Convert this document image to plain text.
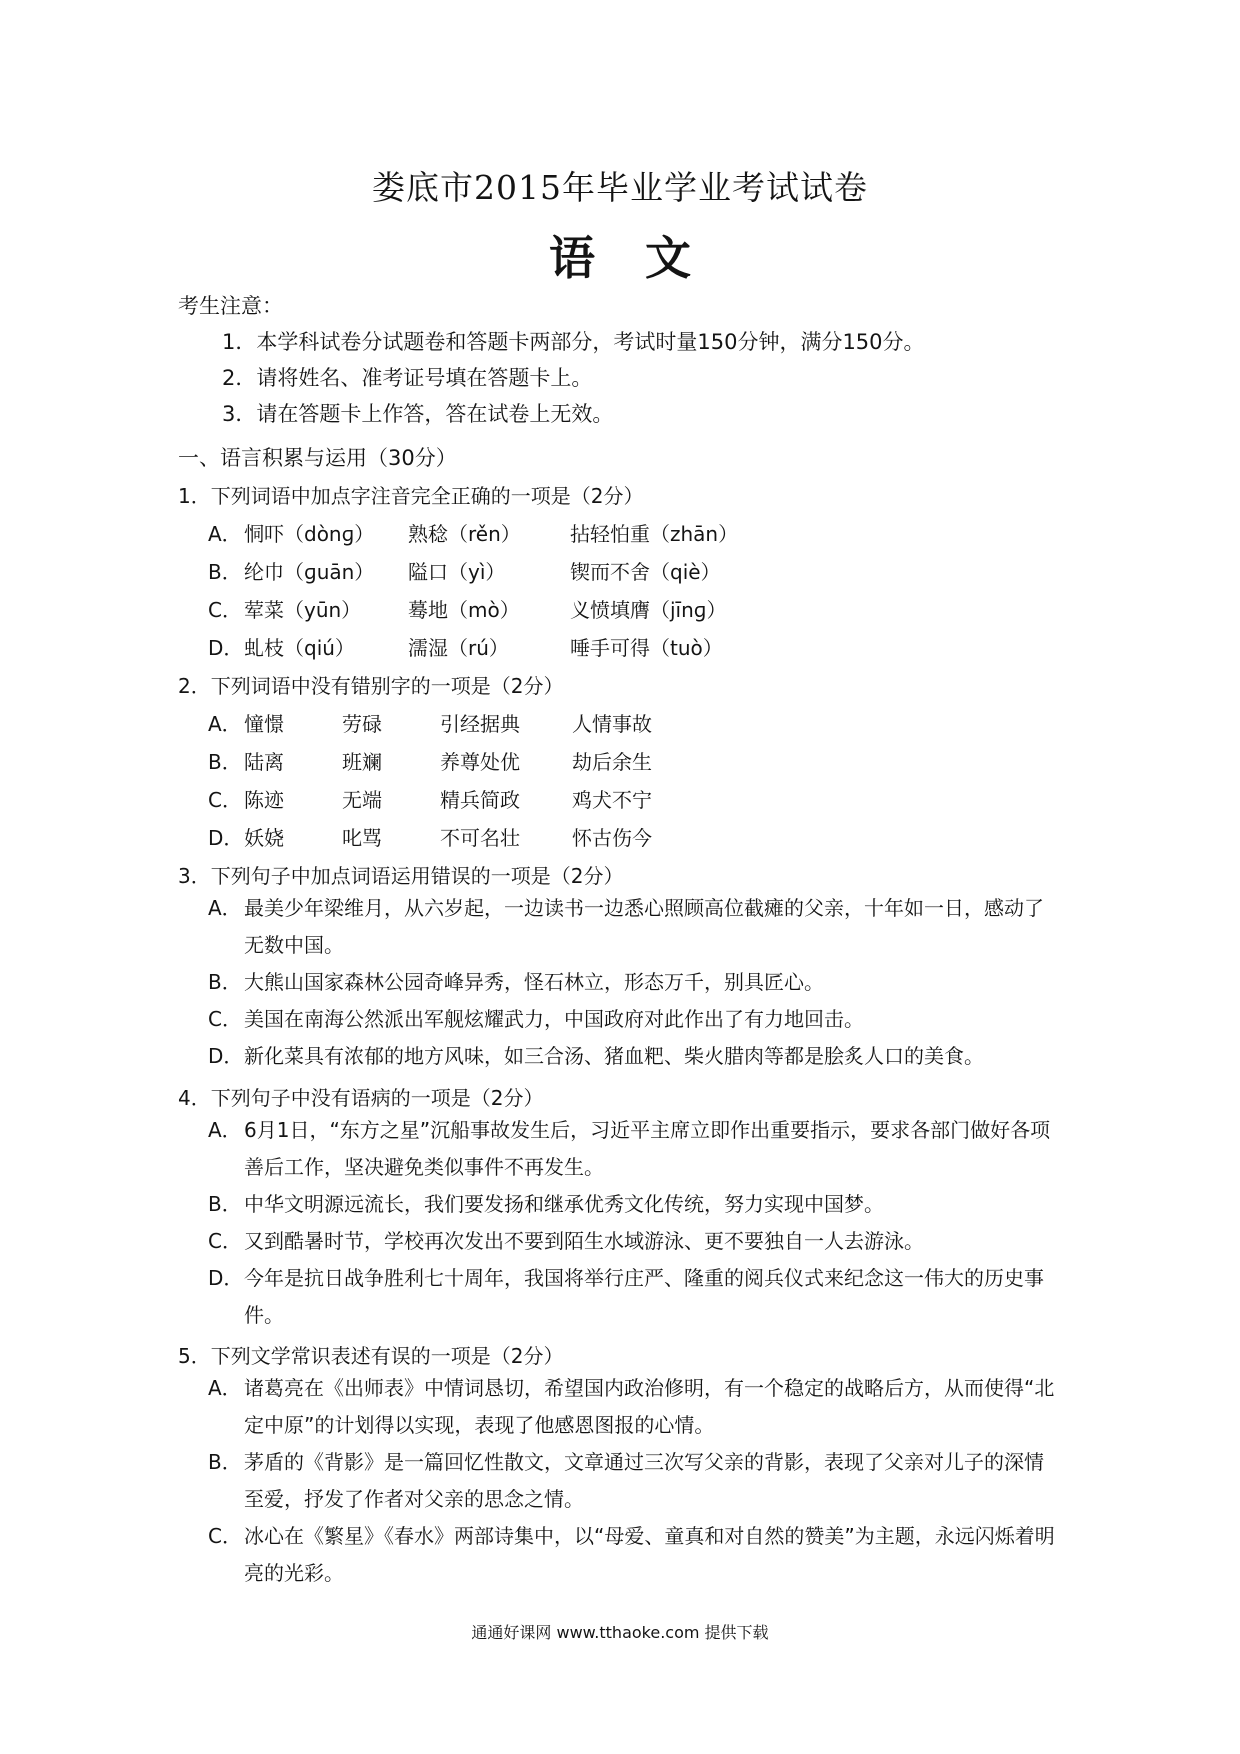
娄底市2015年毕业学业考试试卷
语文
考生注意：
1．本学科试卷分试题卷和答题卡两部分，考试时量150分钟，满分150分。
2．请将姓名、准考证号填在答题卡上。
3．请在答题卡上作答，答在试卷上无效。
一、语言积累与运用（30分）
1．下列词语中加点字注音完全正确的一项是（2分）
A． 恫吓（dònɡ） 熟稔（rěn） 拈轻怕重（zhān）
B． 纶巾（ɡuān） 隘口（yì）	锲而不舍（qiè）
C． 荤菜（yūn） 蓦地（mò）	义愤填膺（jīnɡ）
D． 虬枝（qiú）	濡湿（rú）	唾手可得（tuò）
2．下列词语中没有错别字的一项是（2分）
A． 憧憬	劳碌	引经据典	人情事故
B． 陆离	班斓	养尊处优	劫后余生
C． 陈迹	无端	精兵简政	鸡犬不宁
D． 妖娆	叱骂	不可名壮	怀古伤今
3．下列句子中加点词语运用错误的一项是（2分）
A． 最美少年梁维月，从六岁起，一边读书一边悉心照顾高位截瘫的父亲，十年如一日，感动了无数中国。
B． 大熊山国家森林公园奇峰异秀，怪石林立，形态万千，别具匠心。
C． 美国在南海公然派出军舰炫耀武力，中国政府对此作出了有力地回击。
D． 新化菜具有浓郁的地方风味，如三合汤、猪血粑、柴火腊肉等都是脍炙人口的美食。
4．下列句子中没有语病的一项是（2分）
A． 6月1日，“东方之星”沉船事故发生后，习近平主席立即作出重要指示，要求各部门做好各项善后工作，坚决避免类似事件不再发生。
B． 中华文明源远流长，我们要发扬和继承优秀文化传统，努力实现中国梦。
C． 又到酷暑时节，学校再次发出不要到陌生水域游泳、更不要独自一人去游泳。
D． 今年是抗日战争胜利七十周年，我国将举行庄严、隆重的阅兵仪式来纪念这一伟大的历史事件。
5．下列文学常识表述有误的一项是（2分）
A． 诸葛亮在《出师表》中情词恳切，希望国内政治修明，有一个稳定的战略后方，从而使得“北定中原”的计划得以实现，表现了他感恩图报的心情。
B． 茅盾的《背影》是一篇回忆性散文，文章通过三次写父亲的背影，表现了父亲对儿子的深情至爱，抒发了作者对父亲的思念之情。
C． 冰心在《繁星》《春水》两部诗集中，以“母爱、童真和对自然的赞美”为主题，永远闪烁着明亮的光彩。
通通好课网 www.tthaoke.com 提供下载
